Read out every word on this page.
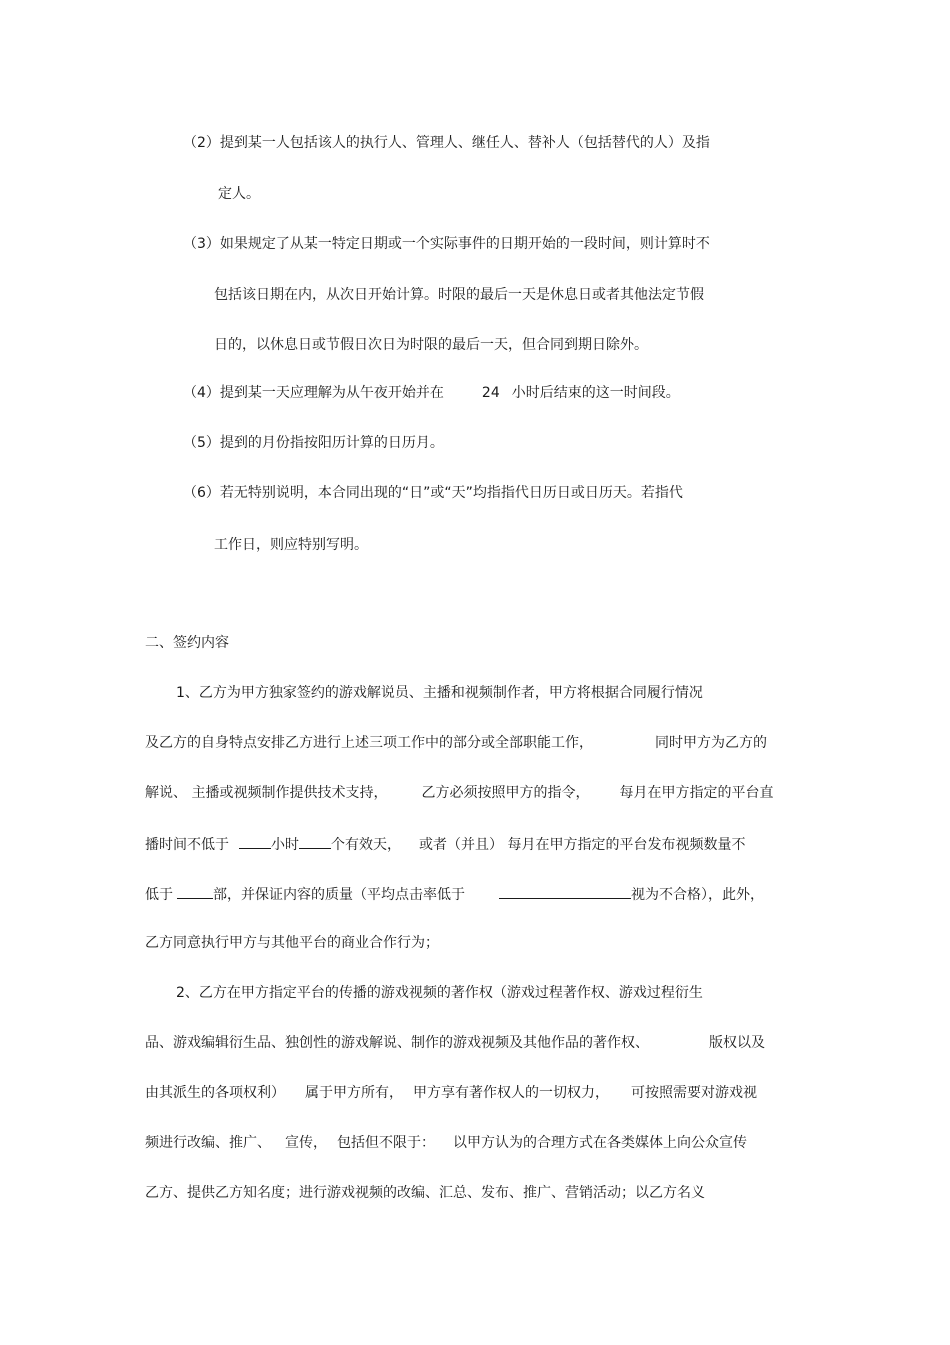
（2）提到某一人包括该人的执行人、管理人、继任人、替补人（包括替代的人）及指
定人。
（3）如果规定了从某一特定日期或一个实际事件的日期开始的一段时间，则计算时不
包括该日期在内，从次日开始计算。时限的最后一天是休息日或者其他法定节假
日的，以休息日或节假日次日为时限的最后一天，但合同到期日除外。
（4）提到某一天应理解为从午夜开始并在	24 小时后结束的这一时间段。
（5）提到的月份指按阳历计算的日历月。
（6）若无特别说明，本合同出现的“日”或“天”均指指代日历日或日历天。若指代
工作日，则应特别写明。
二、签约内容
1、乙方为甲方独家签约的游戏解说员、主播和视频制作者，甲方将根据合同履行情况
及乙方的自身特点安排乙方进行上述三项工作中的部分或全部职能工作，	同时甲方为乙方的
解说、 主播或视频制作提供技术支持， 乙方必须按照甲方的指令， 每月在甲方指定的平台直
播时间不低于	小时 个有效天， 或者（并且） 每月在甲方指定的平台发布视频数量不
低于	部，并保证内容的质量（平均点击率低于	视为不合格），此外，
乙方同意执行甲方与其他平台的商业合作行为；
2、乙方在甲方指定平台的传播的游戏视频的著作权（游戏过程著作权、游戏过程衍生
品、游戏编辑衍生品、独创性的游戏解说、制作的游戏视频及其他作品的著作权、	版权以及
由其派生的各项权利） 属于甲方所有， 甲方享有著作权人的一切权力， 可按照需要对游戏视
频进行改编、推广、 宣传， 包括但不限于： 以甲方认为的合理方式在各类媒体上向公众宣传
乙方、提供乙方知名度；进行游戏视频的改编、汇总、发布、推广、营销活动；以乙方名义
